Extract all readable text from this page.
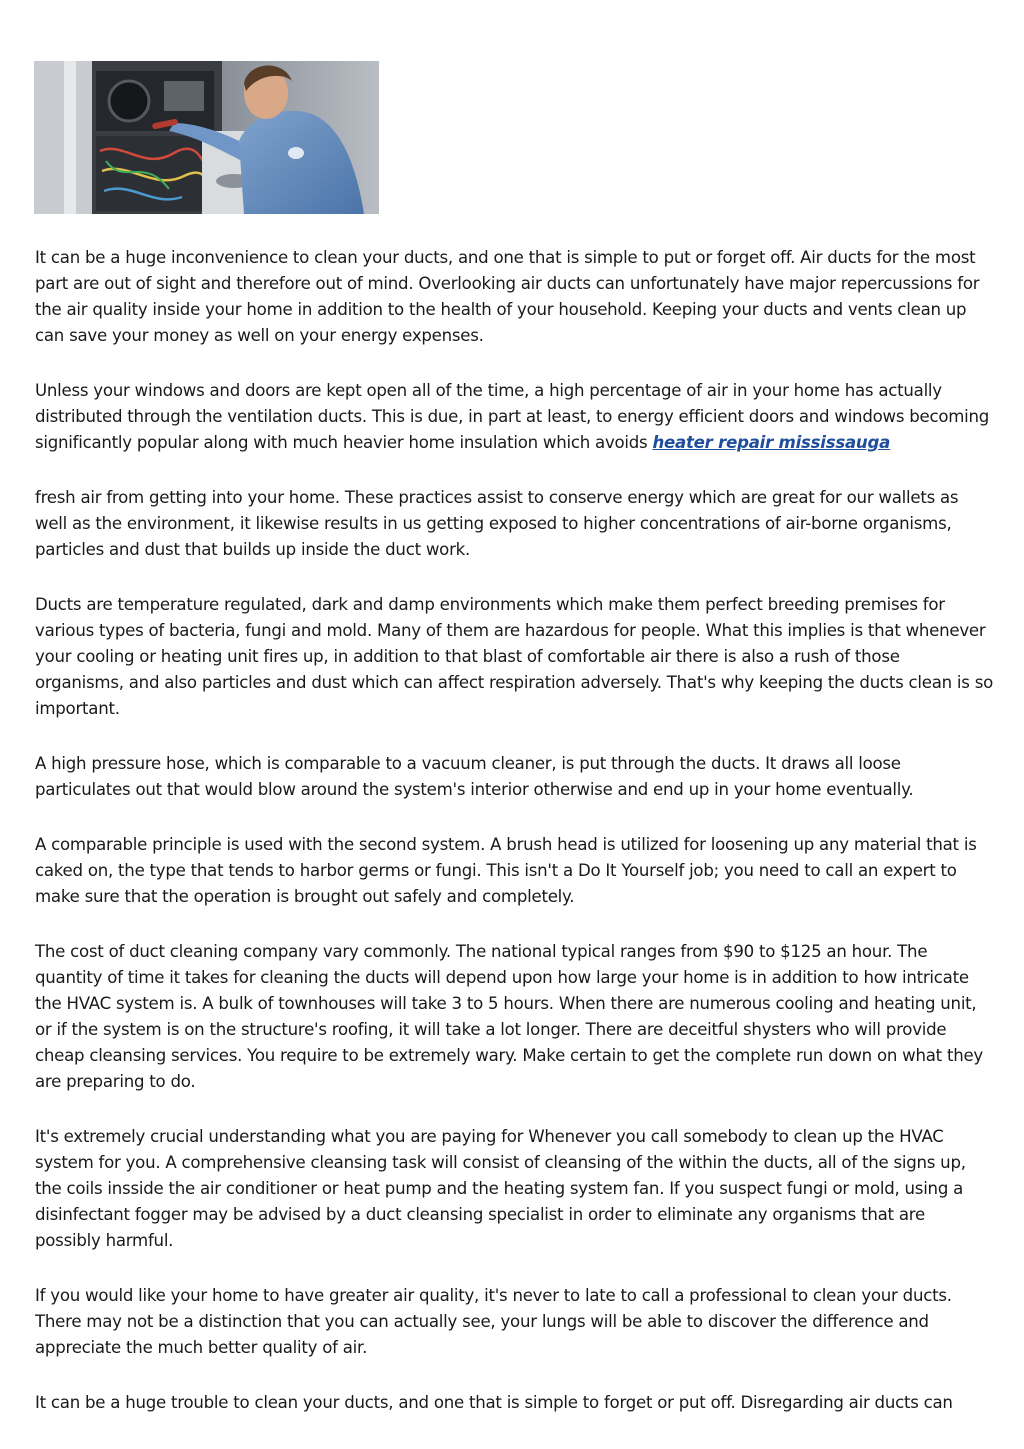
It can be a huge inconvenience to clean your ducts, and one that is simple to put or forget off. Air ducts for the most part are out of sight and therefore out of mind. Overlooking air ducts can unfortunately have major repercussions for the air quality inside your home in addition to the health of your household. Keeping your ducts and vents clean up can save your money as well on your energy expenses.

Unless your windows and doors are kept open all of the time, a high percentage of air in your home has actually distributed through the ventilation ducts. This is due, in part at least, to energy efficient doors and windows becoming significantly popular along with much heavier home insulation which avoids heater repair mississauga

fresh air from getting into your home. These practices assist to conserve energy which are great for our wallets as well as the environment, it likewise results in us getting exposed to higher concentrations of air-borne organisms, particles and dust that builds up inside the duct work.

Ducts are temperature regulated, dark and damp environments which make them perfect breeding premises for various types of bacteria, fungi and mold. Many of them are hazardous for people. What this implies is that whenever your cooling or heating unit fires up, in addition to that blast of comfortable air there is also a rush of those organisms, and also particles and dust which can affect respiration adversely. That's why keeping the ducts clean is so important.

A high pressure hose, which is comparable to a vacuum cleaner, is put through the ducts. It draws all loose particulates out that would blow around the system's interior otherwise and end up in your home eventually.

A comparable principle is used with the second system. A brush head is utilized for loosening up any material that is caked on, the type that tends to harbor germs or fungi. This isn't a Do It Yourself job; you need to call an expert to make sure that the operation is brought out safely and completely.

The cost of duct cleaning company vary commonly. The national typical ranges from $90 to $125 an hour. The quantity of time it takes for cleaning the ducts will depend upon how large your home is in addition to how intricate the HVAC system is. A bulk of townhouses will take 3 to 5 hours. When there are numerous cooling and heating unit, or if the system is on the structure's roofing, it will take a lot longer. There are deceitful shysters who will provide cheap cleansing services. You require to be extremely wary. Make certain to get the complete run down on what they are preparing to do.

It's extremely crucial understanding what you are paying for Whenever you call somebody to clean up the HVAC system for you. A comprehensive cleansing task will consist of cleansing of the within the ducts, all of the signs up, the coils insside the air conditioner or heat pump and the heating system fan. If you suspect fungi or mold, using a disinfectant fogger may be advised by a duct cleansing specialist in order to eliminate any organisms that are possibly harmful.

If you would like your home to have greater air quality, it's never to late to call a professional to clean your ducts. There may not be a distinction that you can actually see, your lungs will be able to discover the difference and appreciate the much better quality of air.

It can be a huge trouble to clean your ducts, and one that is simple to forget or put off. Disregarding air ducts can
